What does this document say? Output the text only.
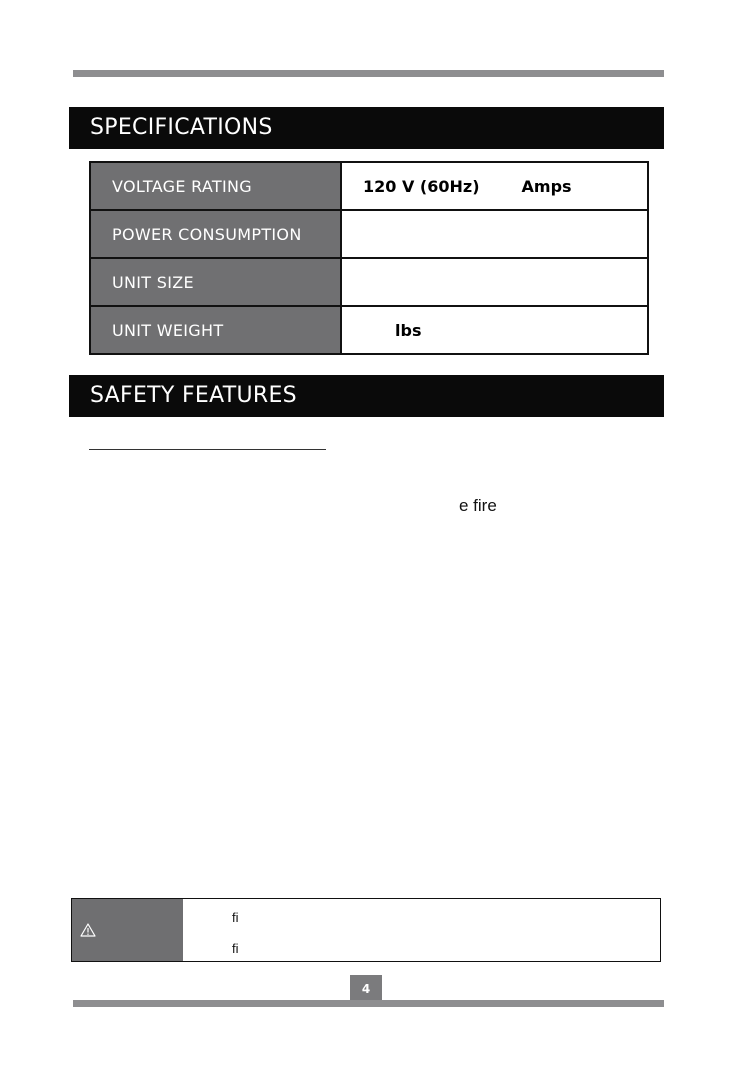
SPECIFICATIONS
VOLTAGE RATING	120 V (60Hz) Amps
POWER CONSUMPTION	
UNIT SIZE	
UNIT WEIGHT	lbs
SAFETY FEATURES
e fire
fi
fi
4
